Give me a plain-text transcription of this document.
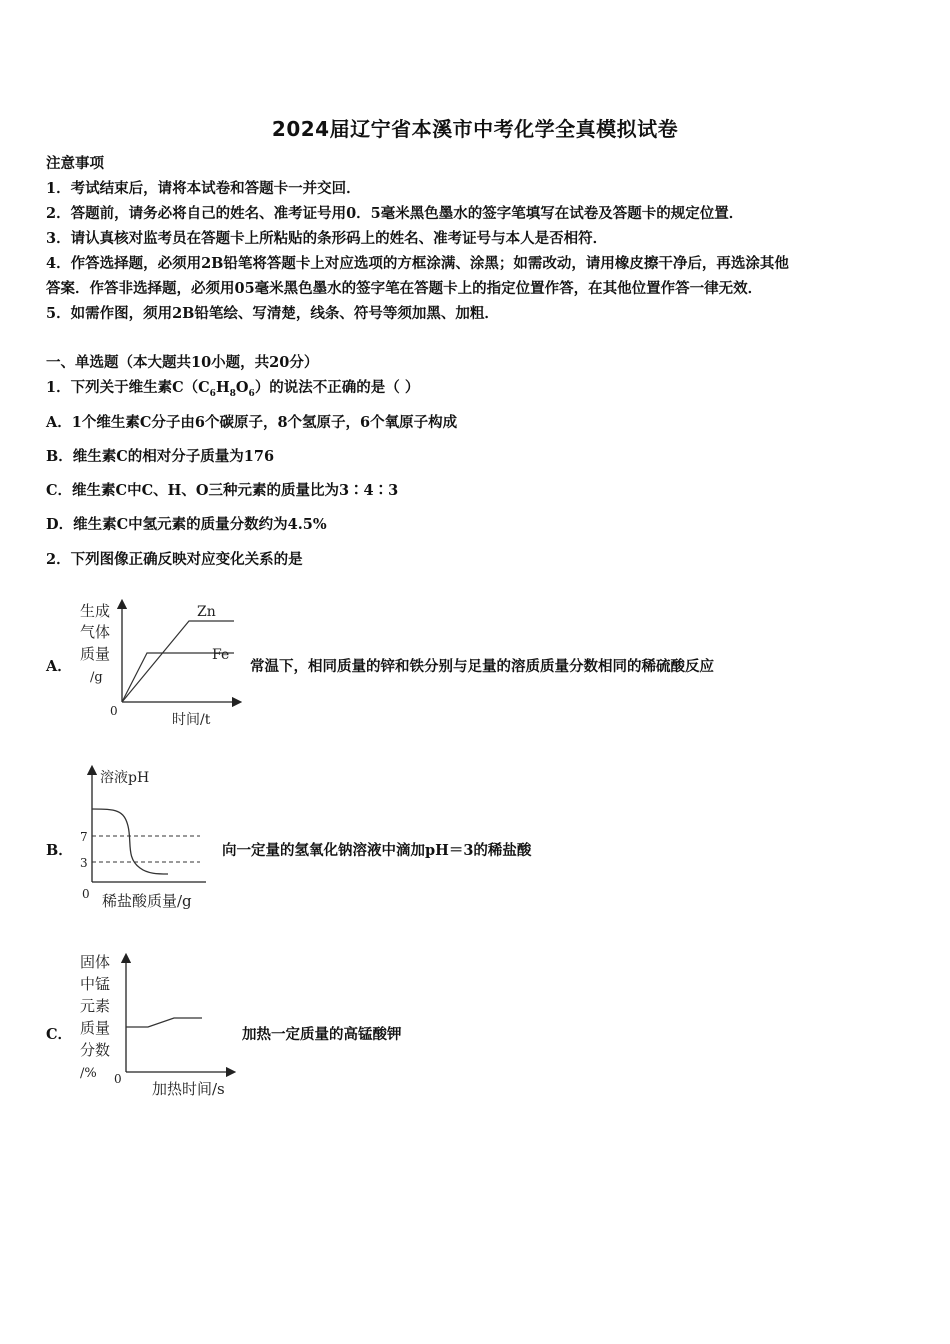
2024届辽宁省本溪市中考化学全真模拟试卷
注意事项
1．考试结束后，请将本试卷和答题卡一并交回．
2．答题前，请务必将自己的姓名、准考证号用0．5毫米黑色墨水的签字笔填写在试卷及答题卡的规定位置．
3．请认真核对监考员在答题卡上所粘贴的条形码上的姓名、准考证号与本人是否相符．
4．作答选择题，必须用2B铅笔将答题卡上对应选项的方框涂满、涂黑；如需改动，请用橡皮擦干净后，再选涂其他
答案．作答非选择题，必须用05毫米黑色墨水的签字笔在答题卡上的指定位置作答，在其他位置作答一律无效．
5．如需作图，须用2B铅笔绘、写清楚，线条、符号等须加黑、加粗．
一、单选题（本大题共10小题，共20分）
1．下列关于维生素$C(C_6H_8O_6)$的说法不正确的是（ ）
A．1个维生素C分子由6个碳原子，8个氢原子，6个氧原子构成
B．维生素C的相对分子质量为176
C．维生素C中C、H、O三种元素的质量比为3∶4∶3
D．维生素C中氢元素的质量分数约为4.5%
2．下列图像正确反映对应变化关系的是
A．
生成
气体
质量
/g
0
时间/t
Zn
Fe
常温下，相同质量的锌和铁分别与足量的溶质质量分数相同的稀硫酸反应
B．
溶液pH
7
3
0 稀盐酸质量/g
向一定量的氢氧化钠溶液中滴加pH＝3的稀盐酸
C．
固体
中锰
元素
质量
分数
/% 0
加热时间/s
加热一定质量的高锰酸钾
